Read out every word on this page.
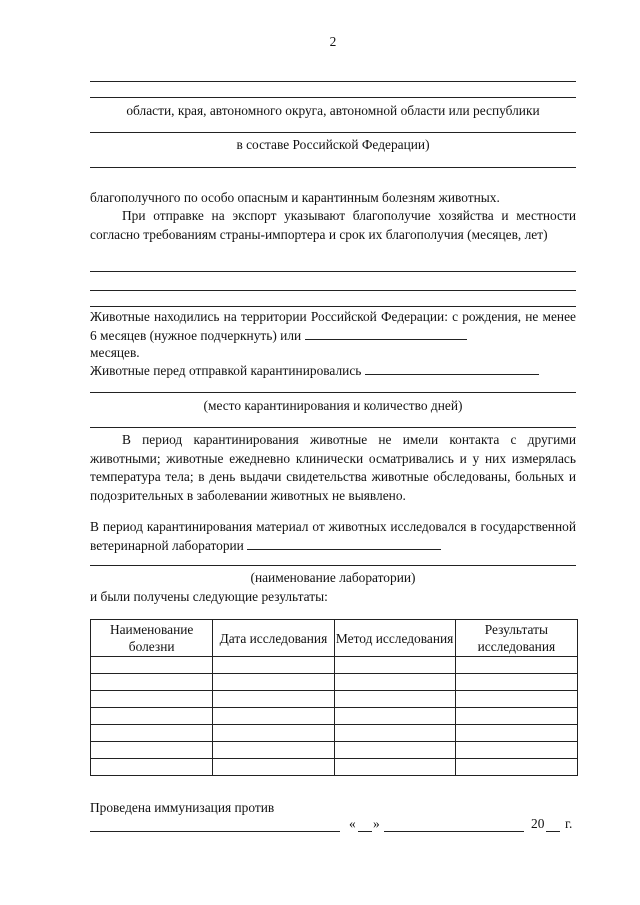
2
области, края, автономного округа, автономной области или республики
в составе Российской Федерации)
благополучного по особо опасным и карантинным болезням животных.
При отправке на экспорт указывают благополучие хозяйства и местности согласно требованиям страны-импортера и срок их благополучия (месяцев, лет)
Животные находились на территории Российской Федерации: с рождения, не менее 6 месяцев (нужное подчеркнуть) или
месяцев.
Животные перед отправкой карантинировались
(место карантинирования и количество дней)
В период карантинирования животные не имели контакта с другими животными; животные ежедневно клинически осматривались и у них измерялась температура тела; в день выдачи свидетельства животные обследованы, больных и подозрительных в заболевании животных не выявлено.
В период карантинирования материал от животных исследовался в государственной ветеринарной лаборатории
(наименование лаборатории)
и были получены следующие результаты:
Наименование болезни	Дата исследования	Метод исследования	Результаты исследования

Проведена иммунизация против
« »	20 г.
